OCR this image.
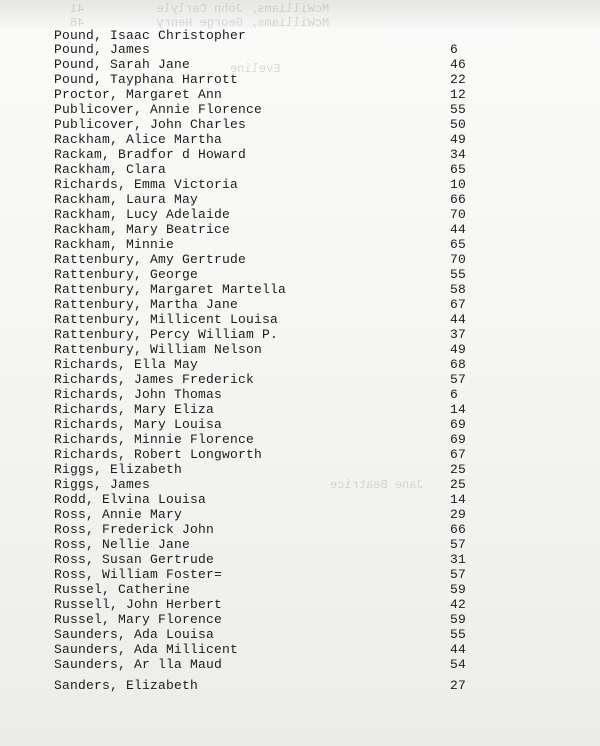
McWilliams, John Carlyle          41
McWilliams, George Henry          48
Eveline
Jane Beatrice
Pound, Isaac Christopher
Pound, James	6
Pound, Sarah Jane	46
Pound, Tayphana Harrott	22
Proctor, Margaret Ann	12
Publicover, Annie Florence	55
Publicover, John Charles	50
Rackham, Alice Martha	49
Rackam, Bradfor d Howard	34
Rackham, Clara	65
Richards, Emma Victoria	10
Rackham, Laura May	66
Rackham, Lucy Adelaide	70
Rackham, Mary Beatrice	44
Rackham, Minnie	65
Rattenbury, Amy Gertrude	70
Rattenbury, George	55
Rattenbury, Margaret Martella	58
Rattenbury, Martha Jane	67
Rattenbury, Millicent Louisa	44
Rattenbury, Percy William P.	37
Rattenbury, William Nelson	49
Richards, Ella May	68
Richards, James Frederick	57
Richards, John Thomas	6
Richards, Mary Eliza	14
Richards, Mary Louisa	69
Richards, Minnie Florence	69
Richards, Robert Longworth	67
Riggs, Elizabeth	25
Riggs, James	25
Rodd, Elvina Louisa	14
Ross, Annie Mary	29
Ross, Frederick John	66
Ross, Nellie Jane	57
Ross, Susan Gertrude	31
Ross, William Foster=	57
Russel, Catherine	59
Russell, John Herbert	42
Russel, Mary Florence	59
Saunders, Ada Louisa	55
Saunders, Ada Millicent	44
Saunders, Ar lla Maud	54
Sanders, Elizabeth	27
